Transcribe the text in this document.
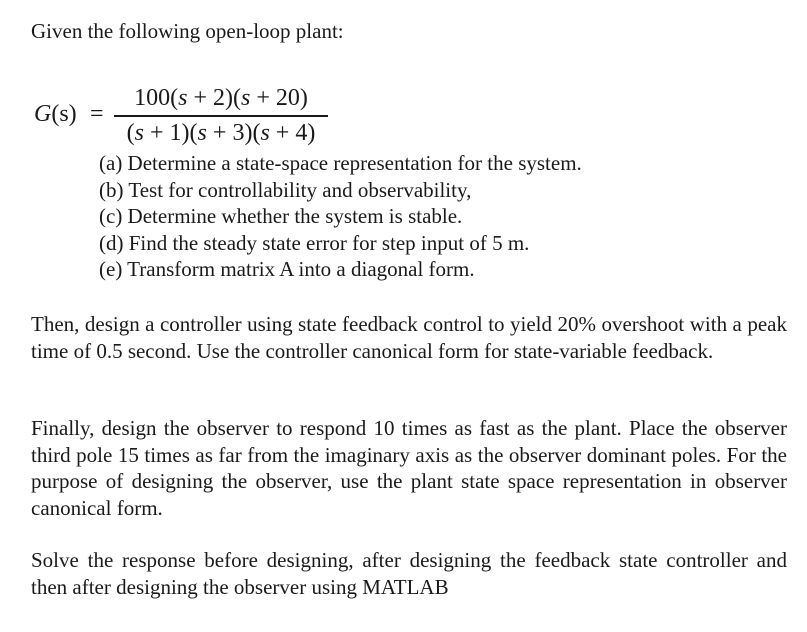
Given the following open-loop plant:
G(s) =
100(s + 2)(s + 20)
(s + 1)(s + 3)(s + 4)
(a) Determine a state-space representation for the system.
(b) Test for controllability and observability,
(c) Determine whether the system is stable.
(d) Find the steady state error for step input of 5 m.
(e) Transform matrix A into a diagonal form.

Then, design a controller using state feedback control to yield 20% overshoot with a peak time of 0.5 second. Use the controller canonical form for state-variable feedback.

Finally, design the observer to respond 10 times as fast as the plant. Place the observer third pole 15 times as far from the imaginary axis as the observer dominant poles. For the purpose of designing the observer, use the plant state space representation in observer canonical form.

Solve the response before designing, after designing the feedback state controller and then after designing the observer using MATLAB
